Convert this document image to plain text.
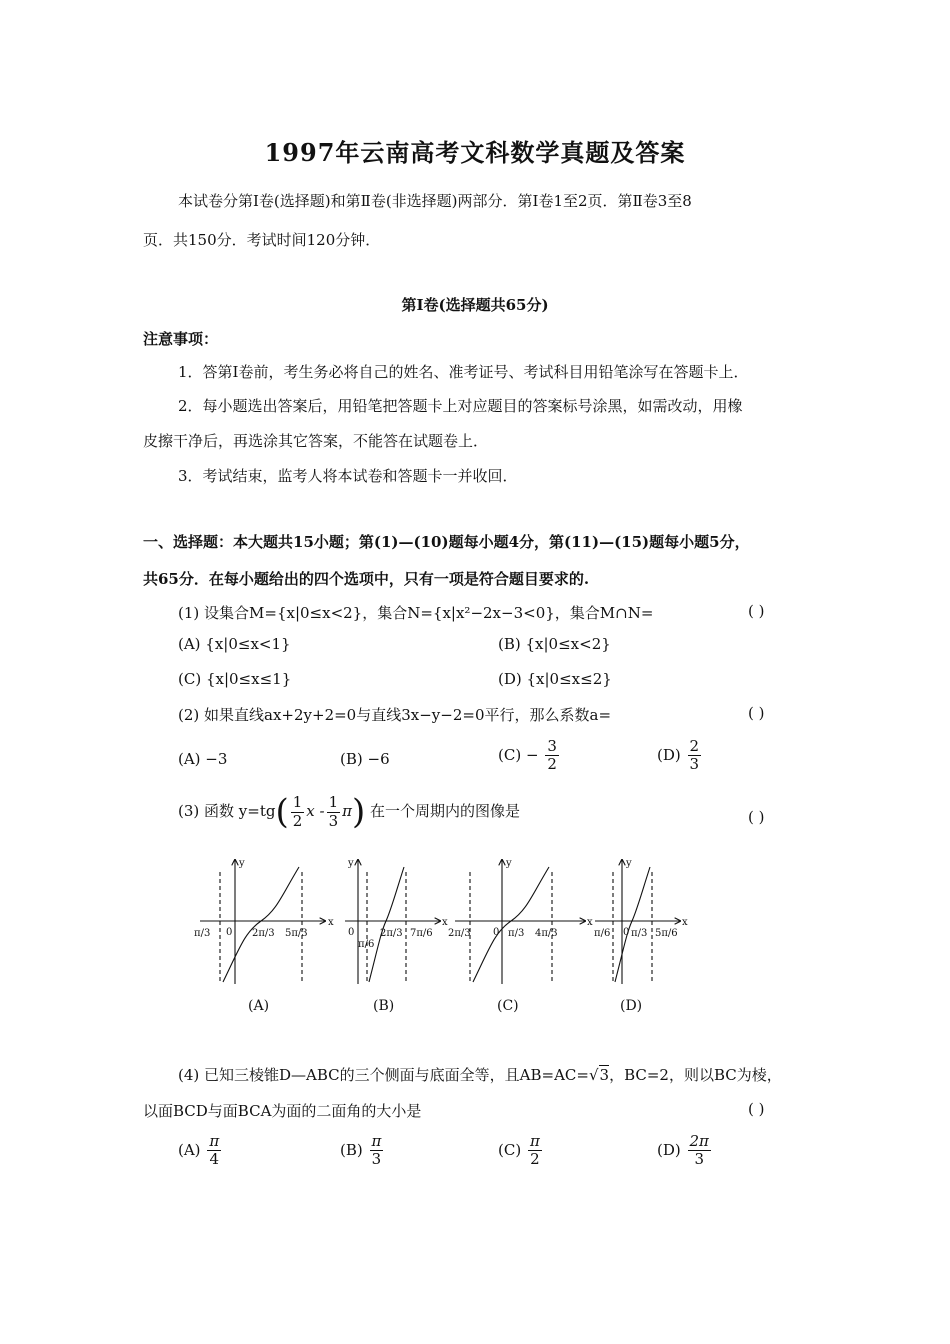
1997年云南高考文科数学真题及答案
本试卷分第Ⅰ卷(选择题)和第Ⅱ卷(非选择题)两部分．第Ⅰ卷1至2页．第Ⅱ卷3至8
页．共150分．考试时间120分钟．
第Ⅰ卷(选择题共65分)
注意事项：
1．答第Ⅰ卷前，考生务必将自己的姓名、准考证号、考试科目用铅笔涂写在答题卡上．
2．每小题选出答案后，用铅笔把答题卡上对应题目的答案标号涂黑，如需改动，用橡
皮擦干净后，再选涂其它答案，不能答在试题卷上．
3．考试结束，监考人将本试卷和答题卡一并收回．
一、选择题：本大题共15小题；第(1)—(10)题每小题4分，第(11)—(15)题每小题5分，
共65分．在每小题给出的四个选项中，只有一项是符合题目要求的.
(1) 设集合M={x|0≤x<2}，集合N={x|x²−2x−3<0}，集合M∩N=	( )
(A) {x|0≤x<1}	(B) {x|0≤x<2}
(C) {x|0≤x≤1}	(D) {x|0≤x≤2}
(2) 如果直线ax+2y+2=0与直线3x−y−2=0平行，那么系数a=	( )
(A) −3	(B) −6	$(C) - \frac{3}{2}$	$(D) \frac{2}{3}$
(3) 函数 $y=tg( \frac{1}{2}$ x - $\frac{1}{3} \pi$) 在一个周期内的图像是	( )
x
y
0
π/3	2π/3 5π/3
x
y
0
π/6
2π/3 7π/6
x
y
0
2π/3	π/3 4π/3
x
y
0
π/6 π/3 5π/6
(A)	(B)	(C)	(D)
(4) 已知三棱锥D—ABC的三个侧面与底面全等，且AB=AC=√3，BC=2，则以BC为棱，
以面BCD与面BCA为面的二面角的大小是	( )
$(A) \frac{\pi}{4}$	$(B) \frac{\pi}{3}$	$(C) \frac{\pi}{2}$	$(D) \frac{2\pi}{3}$
